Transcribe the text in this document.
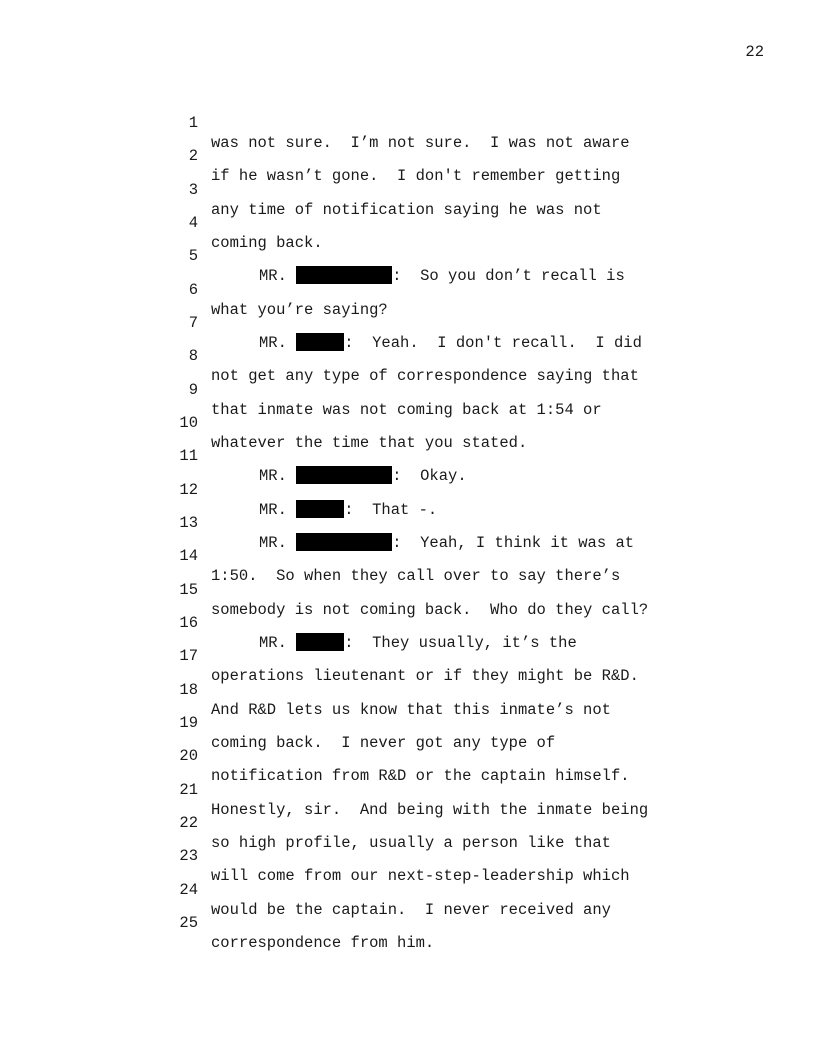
22

1

was not sure.  I’m not sure.  I was not aware

2

if he wasn’t gone.  I don't remember getting

3

any time of notification saying he was not

4

coming back.

5

MR.	:  So you don’t recall is

6

what you’re saying?

7

MR.	:  Yeah.  I don't recall.  I did

8

not get any type of correspondence saying that

9

that inmate was not coming back at 1:54 or

10

whatever the time that you stated.

11

MR.	:  Okay.

12

MR.	:  That -.

13

MR.	:  Yeah, I think it was at

14

1:50.  So when they call over to say there’s

15

somebody is not coming back.  Who do they call?

16

MR.	:  They usually, it’s the

17

operations lieutenant or if they might be R&D.

18

And R&D lets us know that this inmate’s not

19

coming back.  I never got any type of

20

notification from R&D or the captain himself.

21

Honestly, sir.  And being with the inmate being

22

so high profile, usually a person like that

23

will come from our next-step-leadership which

24

would be the captain.  I never received any

25

correspondence from him.
